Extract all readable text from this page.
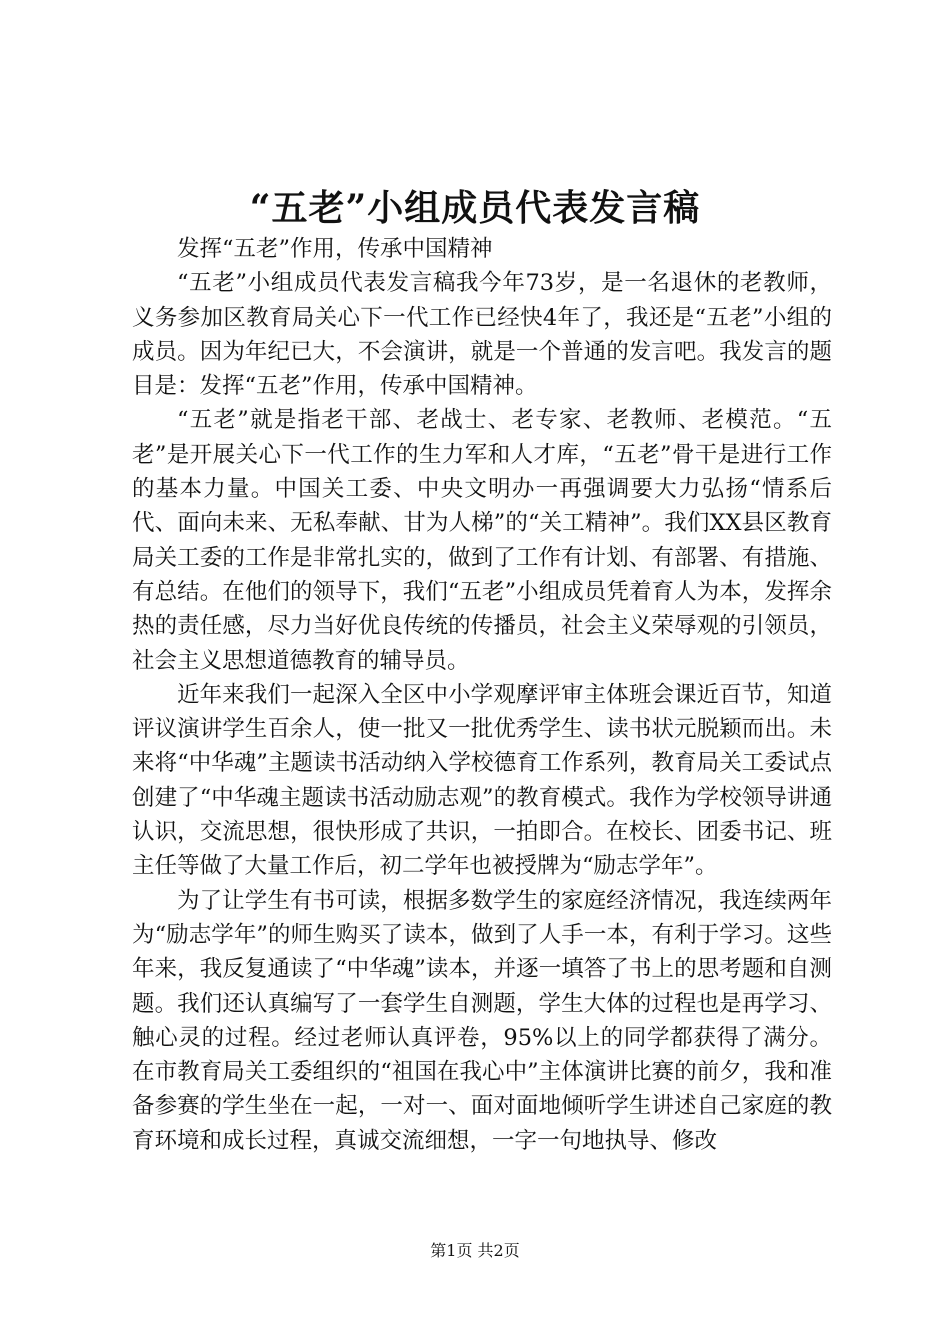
“五老”小组成员代表发言稿

发挥“五老”作用，传承中国精神

“五老”小组成员代表发言稿我今年73岁，是一名退休的老教师，义务参加区教育局关心下一代工作已经快4年了，我还是“五老”小组的成员。因为年纪已大，不会演讲，就是一个普通的发言吧。我发言的题目是：发挥“五老”作用，传承中国精神。

“五老”就是指老干部、老战士、老专家、老教师、老模范。“五老”是开展关心下一代工作的生力军和人才库，“五老”骨干是进行工作的基本力量。中国关工委、中央文明办一再强调要大力弘扬“情系后代、面向未来、无私奉献、甘为人梯”的“关工精神”。我们XX县区教育局关工委的工作是非常扎实的，做到了工作有计划、有部署、有措施、有总结。在他们的领导下，我们“五老”小组成员凭着育人为本，发挥余热的责任感，尽力当好优良传统的传播员，社会主义荣辱观的引领员，社会主义思想道德教育的辅导员。

近年来我们一起深入全区中小学观摩评审主体班会课近百节，知道评议演讲学生百余人，使一批又一批优秀学生、读书状元脱颖而出。未来将“中华魂”主题读书活动纳入学校德育工作系列，教育局关工委试点创建了“中华魂主题读书活动励志观”的教育模式。我作为学校领导讲通认识，交流思想，很快形成了共识，一拍即合。在校长、团委书记、班主任等做了大量工作后，初二学年也被授牌为“励志学年”。

为了让学生有书可读，根据多数学生的家庭经济情况，我连续两年为“励志学年”的师生购买了读本，做到了人手一本，有利于学习。这些年来，我反复通读了“中华魂”读本，并逐一填答了书上的思考题和自测题。我们还认真编写了一套学生自测题，学生大体的过程也是再学习、触心灵的过程。经过老师认真评卷，95%以上的同学都获得了满分。在市教育局关工委组织的“祖国在我心中”主体演讲比赛的前夕，我和准备参赛的学生坐在一起，一对一、面对面地倾听学生讲述自己家庭的教育环境和成长过程，真诚交流细想，一字一句地执导、修改

第1页 共2页
